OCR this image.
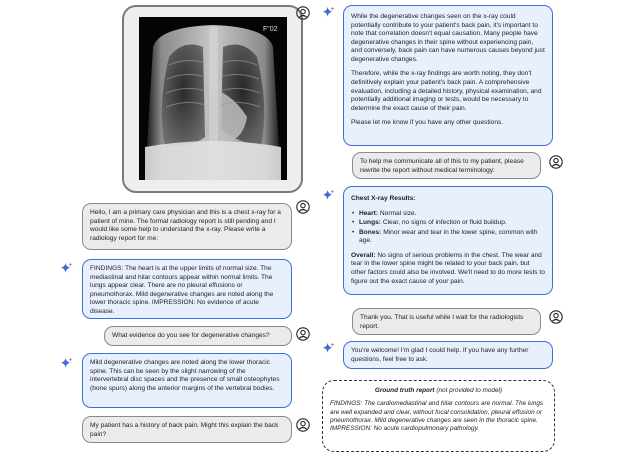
F"02
Hello, I am a primary care physician and this is a chest x-ray for a patient of mine. The formal radiology report is still pending and I would like some help to understand the x-ray. Please write a radiology report for me:
FINDINGS: The heart is at the upper limits of normal size. The mediastinal and hilar contours appear within normal limits. The lungs appear clear. There are no pleural effusions or pneumothorax. Mild degenerative changes are noted along the lower thoracic spine. IMPRESSION: No evidence of acute disease.
What evidence do you see for degenerative changes?
Mild degenerative changes are noted along the lower thoracic spine. This can be seen by the slight narrowing of the intervertebral disc spaces and the presence of small osteophytes (bone spurs) along the anterior margins of the vertebral bodies.
My patient has a history of back pain. Might this explain the back pain?
While the degenerative changes seen on the x-ray could potentially contribute to your patient's back pain, it's important to note that correlation doesn't equal causation. Many people have degenerative changes in their spine without experiencing pain, and conversely, back pain can have numerous causes beyond just degenerative changes.
Therefore, while the x-ray findings are worth noting, they don't definitively explain your patient's back pain. A comprehensive evaluation, including a detailed history, physical examination, and potentially additional imaging or tests, would be necessary to determine the exact cause of their pain.
Please let me know if you have any other questions.
To help me communicate all of this to my patient, please rewrite the report without medical terminology:
Chest X-ray Results:
• Heart: Normal size.
• Lungs: Clear, no signs of infection or fluid buildup.
• Bones: Minor wear and tear in the lower spine, common with age.
Overall: No signs of serious problems in the chest. The wear and tear in the lower spine might be related to your back pain, but other factors could also be involved. We'll need to do more tests to figure out the exact cause of your pain.
Thank you. That is useful while I wait for the radiologists report.
You're welcome! I'm glad I could help. If you have any further questions, feel free to ask.
Ground truth report (not provided to model)
FINDINGS: The cardiomediastinal and hilar contours are normal. The lungs are well expanded and clear, without focal consolidation, pleural effusion or pneumothorax. Mild degenerative changes are seen in the thoracic spine. IMPRESSION: No acute cardiopulmonary pathology.
